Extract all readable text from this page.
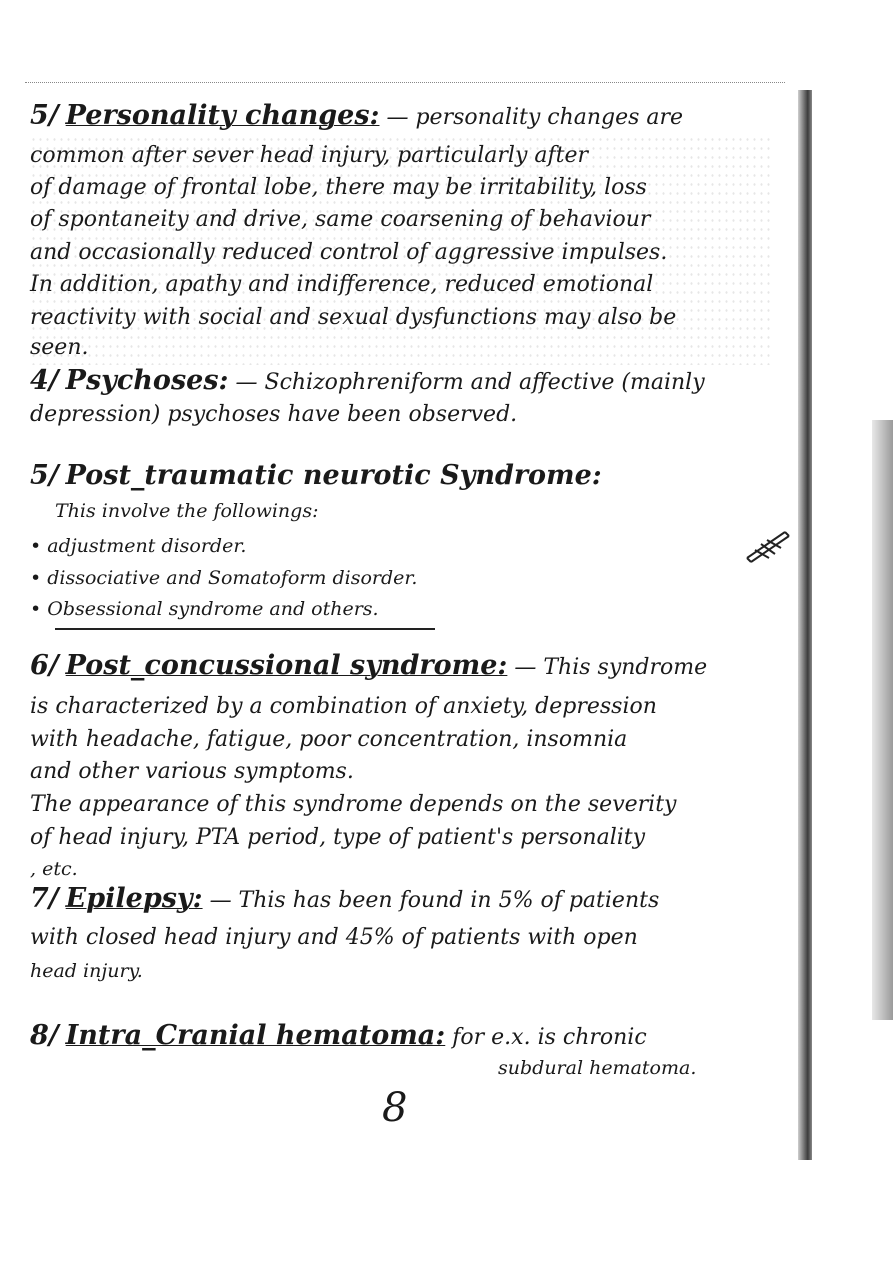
5/ Personality changes: — personality changes are
common after sever head injury, particularly after
of damage of frontal lobe, there may be irritability, loss
of spontaneity and drive, same coarsening of behaviour
and occasionally reduced control of aggressive impulses.
In addition, apathy and indifference, reduced emotional
reactivity with social and sexual dysfunctions may also be
seen.
4/ Psychoses: — Schizophreniform and affective (mainly
depression) psychoses have been observed.
5/ Post_traumatic neurotic Syndrome:
This involve the followings:
• adjustment disorder.
• dissociative and Somatoform disorder.
• Obsessional syndrome and others.
6/ Post_concussional syndrome: — This syndrome
is characterized by a combination of anxiety, depression
with headache, fatigue, poor concentration, insomnia
and other various symptoms.
The appearance of this syndrome depends on the severity
of head injury, PTA period, type of patient's personality
, etc.
7/ Epilepsy: — This has been found in 5% of patients
with closed head injury and 45% of patients with open
head injury.
8/ Intra_Cranial hematoma: for e.x. is chronic
subdural hematoma.
8
